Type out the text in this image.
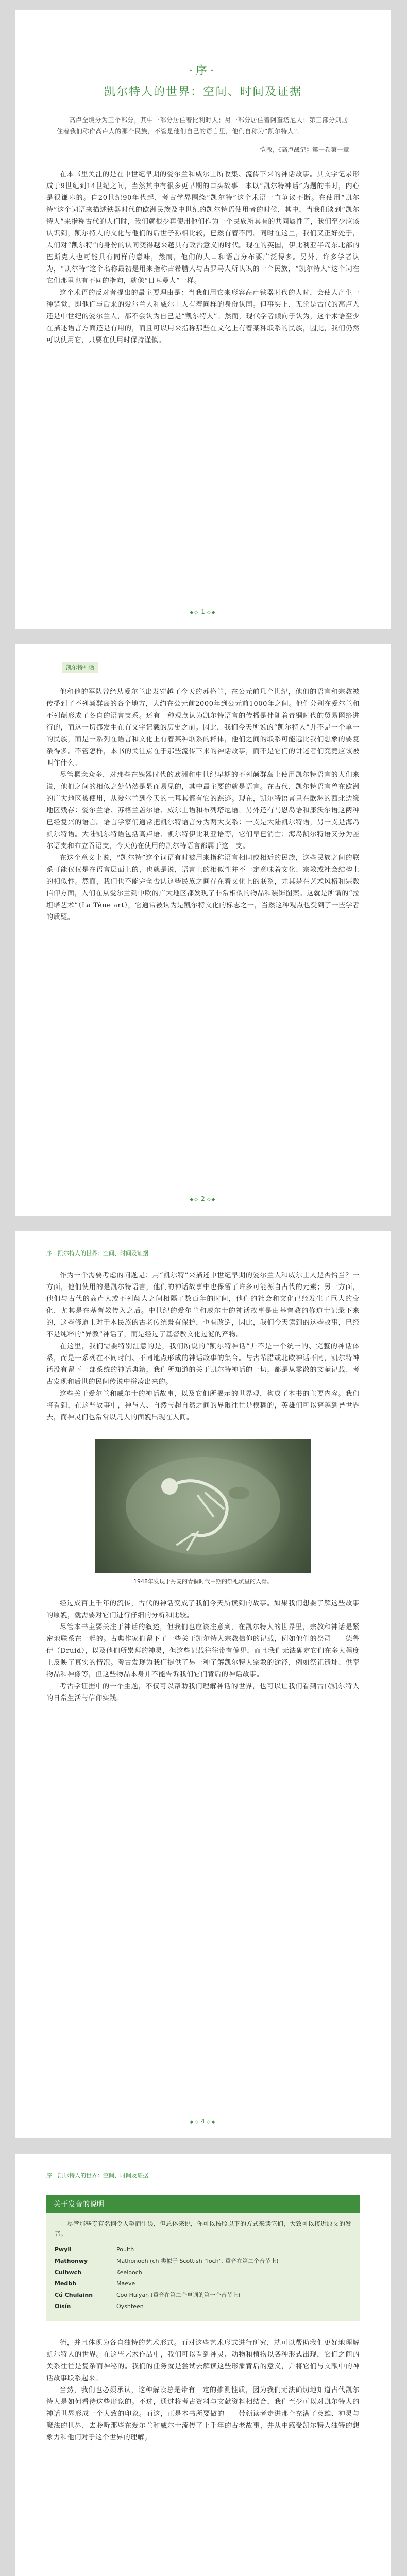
·序·
凯尔特人的世界：空间、时间及证据

高卢全境分为三个部分，其中一部分居住着比利时人；另一部分居住着阿奎塔尼人；第三部分则居住着我们称作高卢人的那个民族，不管是他们自己的语言里，他们自称为“凯尔特人”。

——恺撒，《高卢战记》第一卷第一章

在本书里关注的是在中世纪早期的爱尔兰和威尔士所收集、流传下来的神话故事。其文字记录形成于9世纪到14世纪之间，当然其中有很多更早期的口头故事一本以“凯尔特神话”为题的书时，内心是很谦卑的。自20世纪90年代起，考古学界围绕“凯尔特”这个术语一直争议不断。在使用“凯尔特”这个词语来描述铁器时代的欧洲民族及中世纪的凯尔特语使用者的时候，其中，当我们谈到“凯尔特人”来指称古代的人们时，我们就很少再使用他们作为一个民族所具有的共同属性了，我们至少应该认识到，凯尔特人的文化与他们的后世子孙相比较，已然有着不同。同时在这里，我们又正好处于，人们对“凯尔特”的身份的认同变得越来越具有政治意义的时代。现在的英国，伊比利亚半岛东北部的巴斯克人也可能具有同样的意味，然而，他们的人口和语言分布要广泛得多。另外，许多学者认为，“凯尔特”这个名称最初是用来指称古希腊人与古罗马人所认识的一个民族，“凯尔特人”这个词在它们那里也有不同的指向，就像“日耳曼人”一样。

这个术语的反对者提出的最主要理由是：当我们用它来形容高卢铁器时代的人时，会使人产生一种错觉，即他们与后来的爱尔兰人和威尔士人有着同样的身份认同。但事实上，无论是古代的高卢人还是中世纪的爱尔兰人，都不会认为自己是“凯尔特人”。然而，现代学者倾向于认为，这个术语至少在描述语言方面还是有用的，而且可以用来指称那些在文化上有着某种联系的民族，因此，我们仍然可以使用它，只要在使用时保持谨慎。

◆◇ 1 ◇◆
凯尔特神话

他和他的军队曾经从爱尔兰出发穿越了今天的苏格兰，在公元前几个世纪，他们的语言和宗教被传播到了不列颠群岛的各个地方，大约在公元前2000年到公元前1000年之间。他们分别在爱尔兰和不列颠形成了各自的语言支系。还有一种观点认为凯尔特语言的传播是伴随着青铜时代的贸易网络进行的，而这一切都发生在有文字记载的历史之前。因此，我们今天所说的“凯尔特人”并不是一个单一的民族，而是一系列在语言和文化上有着某种联系的群体，他们之间的联系可能远比我们想象的要复杂得多。不管怎样，本书的关注点在于那些流传下来的神话故事，而不是它们的讲述者们究竟应该被叫作什么。

尽管概念众多，对那些在铁器时代的欧洲和中世纪早期的不列颠群岛上使用凯尔特语言的人们来说，他们之间的相似之处仍然是显而易见的，其中最主要的就是语言。在古代，凯尔特语言曾在欧洲的广大地区被使用，从爱尔兰到今天的土耳其都有它的踪迹。现在，凯尔特语言只在欧洲的西北边缘地区残存：爱尔兰语、苏格兰盖尔语、威尔士语和布列塔尼语，另外还有马恩岛语和康沃尔语这两种已经复兴的语言。语言学家们通常把凯尔特语言分为两大支系：一支是大陆凯尔特语，另一支是海岛凯尔特语。大陆凯尔特语包括高卢语、凯尔特伊比利亚语等，它们早已消亡；海岛凯尔特语又分为盖尔语支和布立吞语支，今天仍在使用的凯尔特语言都属于这一支。

在这个意义上说，“凯尔特”这个词语有时被用来指称语言相同或相近的民族，这些民族之间的联系可能仅仅是在语言层面上的，也就是说，语言上的相似性并不一定意味着文化、宗教或社会结构上的相似性。然而，我们也不能完全否认这些民族之间存在着文化上的联系，尤其是在艺术风格和宗教信仰方面，人们在从爱尔兰到中欧的广大地区都发现了非常相似的物品和装饰图案。这就是所谓的“拉坦诺艺术”（La Tène art），它通常被认为是凯尔特文化的标志之一，当然这种观点也受到了一些学者的质疑。

◆◇ 2 ◇◆
序　凯尔特人的世界：空间、时间及证据

作为一个需要考虑的问题是：用“凯尔特”来描述中世纪早期的爱尔兰人和威尔士人是否恰当？一方面，他们使用的是凯尔特语言，他们的神话故事中也保留了许多可能源自古代的元素；另一方面，他们与古代的高卢人或不列颠人之间相隔了数百年的时间，他们的社会和文化已经发生了巨大的变化，尤其是在基督教传入之后。中世纪的爱尔兰和威尔士的神话故事是由基督教的修道士记录下来的，这些修道士对于本民族的古老传统既有保护，也有改造，因此，我们今天读到的这些故事，已经不是纯粹的“异教”神话了，而是经过了基督教文化过滤的产物。

在这里，我们需要特别注意的是，我们所说的“凯尔特神话”并不是一个统一的、完整的神话体系，而是一系列在不同时间、不同地点形成的神话故事的集合。与古希腊或北欧神话不同，凯尔特神话没有留下一部系统的神话典籍，我们所知道的关于凯尔特神话的一切，都是从零散的文献记载、考古发现和后世的民间传说中拼凑出来的。

这些关于爱尔兰和威尔士的神话故事，以及它们所揭示的世界观，构成了本书的主要内容。我们将看到，在这些故事中，神与人、自然与超自然之间的界限往往是模糊的，英雄们可以穿越到异世界去，而神灵们也常常以凡人的面貌出现在人间。

1948年发现于丹麦的青铜时代中期的祭祀坑里的人骨。

经过成百上千年的流传，古代的神话变成了我们今天所读到的故事。如果我们想要了解这些故事的原貌，就需要对它们进行仔细的分析和比较。

尽管本书主要关注于神话的叙述，但我们也应该注意到，在凯尔特人的世界里，宗教和神话是紧密地联系在一起的。古典作家们留下了一些关于凯尔特人宗教信仰的记载，例如他们的祭司——德鲁伊（Druid），以及他们所崇拜的神灵，但这些记载往往带有偏见，而且我们无法确定它们在多大程度上反映了真实的情况。考古发现为我们提供了另一种了解凯尔特人宗教的途径，例如祭祀遗址、供奉物品和神像等，但这些物品本身并不能告诉我们它们背后的神话故事。

考古学证据中的一个主题，不仅可以帮助我们理解神话的世界，也可以让我们看到古代凯尔特人的日常生活与信仰实践。

◆◇ 4 ◇◆
序　凯尔特人的世界：空间、时间及证据
关于发音的说明
尽管那些专有名词令人望而生畏，但总体来说，你可以按照以下的方式来读它们，大致可以接近原文的发音。
Pwyll	Pouith
Mathonwy	Mathonooh (ch 类似于 Scottish “loch”, 重音在第二个音节上)
Culhwch	Keelooch
Medbh	Maeve
Cú Chulainn	Coo Hulyan (重音在第二个单词的第一个音节上)
Oisín	Oyshteen

德，并且体现为各自独特的艺术形式。而对这些艺术形式进行研究，就可以帮助我们更好地理解凯尔特人的世界。在这些艺术作品中，我们可以看到神灵、动物和植物以各种形式出现，它们之间的关系往往是复杂而神秘的。我们的任务就是尝试去解读这些形象背后的意义，并将它们与文献中的神话故事联系起来。

当然，我们也必须承认，这种解读总是带有一定的推测性质，因为我们无法确切地知道古代凯尔特人是如何看待这些形象的。不过，通过将考古资料与文献资料相结合，我们至少可以对凯尔特人的神话世界形成一个大致的印象。而这，正是本书所要做的——带领读者走进那个充满了英雄、神灵与魔法的世界，去聆听那些在爱尔兰和威尔士流传了上千年的古老故事，并从中感受凯尔特人独特的想象力和他们对于这个世界的理解。
